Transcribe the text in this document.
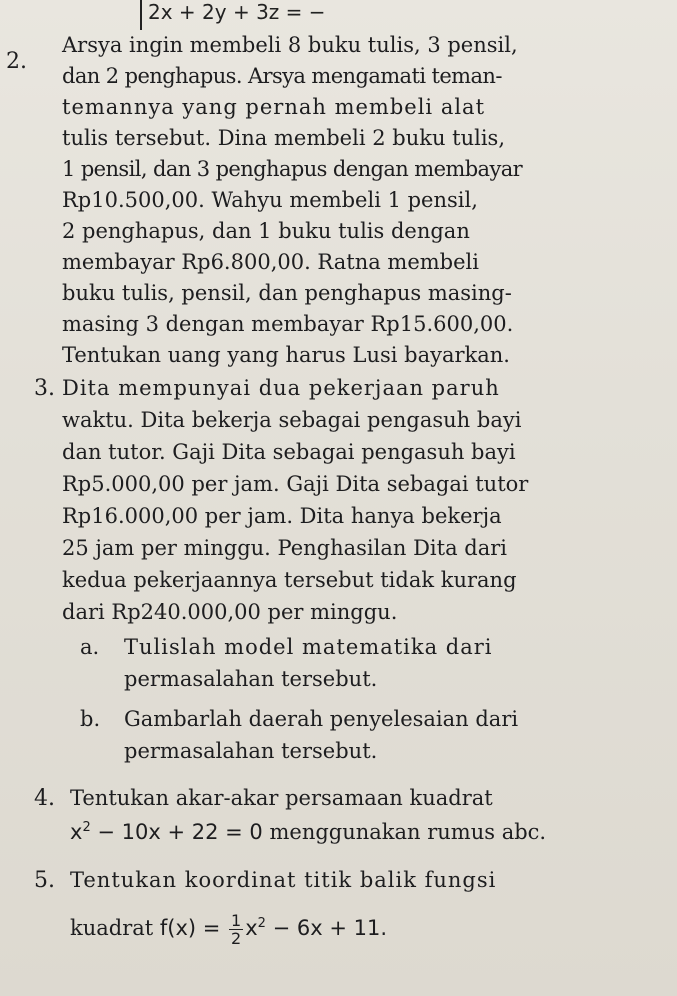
2x + 2y + 3z = −
2.
Arsya ingin membeli 8 buku tulis, 3 pensil,
dan 2 penghapus. Arsya mengamati teman-
temannya yang pernah membeli alat
tulis tersebut. Dina membeli 2 buku tulis,
1 pensil, dan 3 penghapus dengan membayar
Rp10.500,00. Wahyu membeli 1 pensil,
2 penghapus, dan 1 buku tulis dengan
membayar Rp6.800,00. Ratna membeli
buku tulis, pensil, dan penghapus masing-
masing 3 dengan membayar Rp15.600,00.
Tentukan uang yang harus Lusi bayarkan.
3. Dita mempunyai dua pekerjaan paruh
waktu. Dita bekerja sebagai pengasuh bayi
dan tutor. Gaji Dita sebagai pengasuh bayi
Rp5.000,00 per jam. Gaji Dita sebagai tutor
Rp16.000,00 per jam. Dita hanya bekerja
25 jam per minggu. Penghasilan Dita dari
kedua pekerjaannya tersebut tidak kurang
dari Rp240.000,00 per minggu.
a. Tulislah model matematika dari
permasalahan tersebut.
b. Gambarlah daerah penyelesaian dari
permasalahan tersebut.
4. Tentukan akar-akar persamaan kuadrat
$x^2 - 10x + 22 = 0$ menggunakan rumus abc.
5. Tentukan koordinat titik balik fungsi
kuadrat $f(x) = \frac{1}{2} x^2 - 6x + 11$.
